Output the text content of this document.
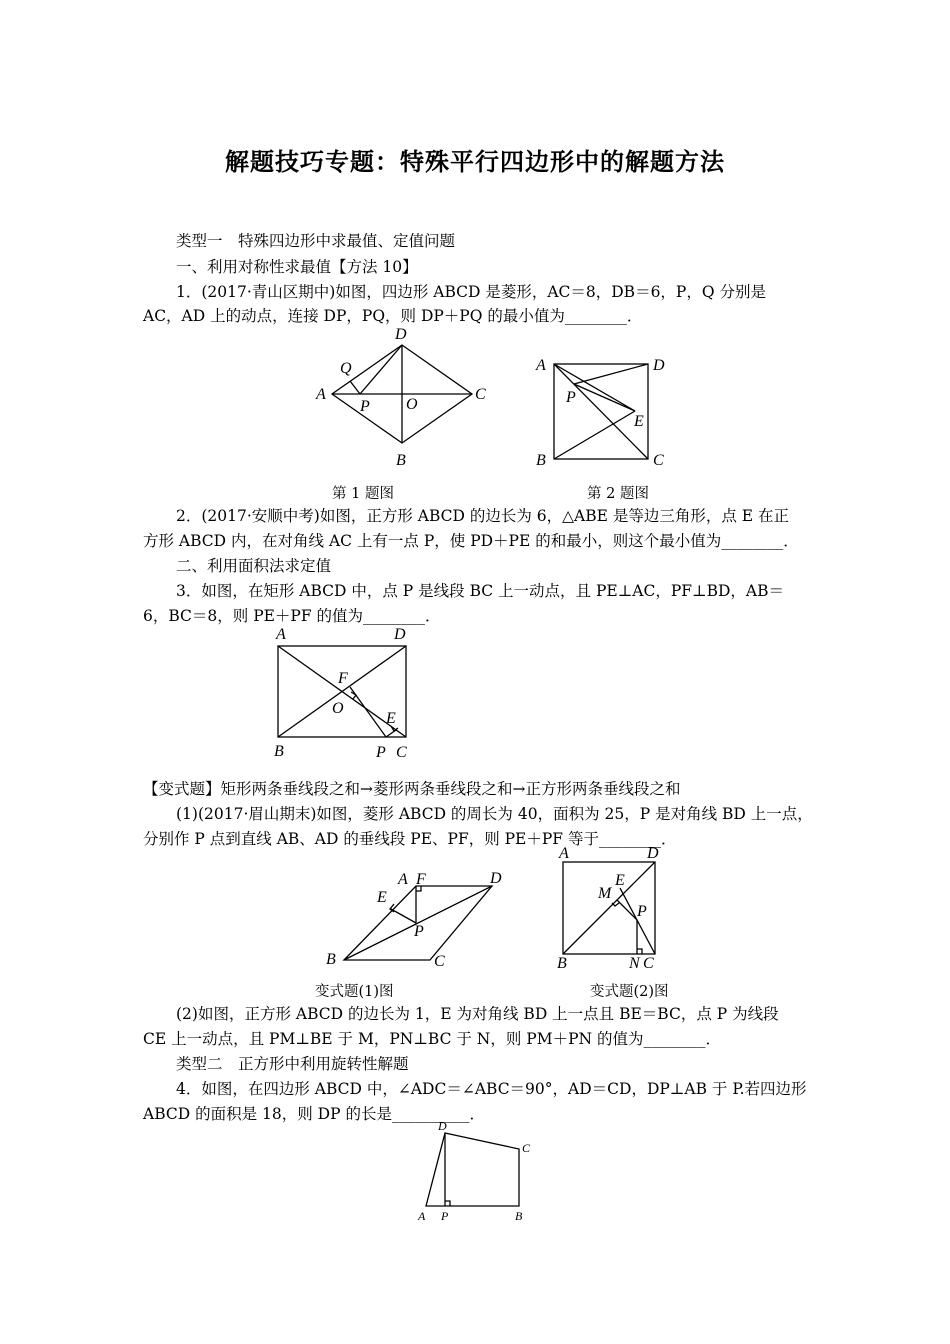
解题技巧专题：特殊平行四边形中的解题方法
类型一　特殊四边形中求最值、定值问题
一、利用对称性求最值【方法 10】
1．(2017·青山区期中)如图，四边形 ABCD 是菱形，AC＝8，DB＝6，P，Q 分别是
AC，AD 上的动点，连接 DP，PQ，则 DP＋PQ 的最小值为________．
A
D
C
B
Q
P O
A	D
B	C
P
E
第 1 题图	第 2 题图
2．(2017·安顺中考)如图，正方形 ABCD 的边长为 6，△ABE 是等边三角形，点 E 在正
方形 ABCD 内，在对角线 AC 上有一点 P，使 PD＋PE 的和最小，则这个最小值为________．
二、利用面积法求定值
3．如图，在矩形 ABCD 中，点 P 是线段 BC 上一动点，且 PE⊥AC，PF⊥BD，AB＝
6，BC＝8，则 PE＋PF 的值为________．
A	D
B	P C
F
O
E
【变式题】矩形两条垂线段之和→菱形两条垂线段之和→正方形两条垂线段之和
(1)(2017·眉山期末)如图，菱形 ABCD 的周长为 40，面积为 25，P 是对角线 BD 上一点，
分别作 P 点到直线 AB、AD 的垂线段 PE、PF，则 PE＋PF 等于________．
A F	D
E
P
B	C
A	D
E
M
P
B	N C
变式题(1)图	变式题(2)图
(2)如图，正方形 ABCD 的边长为 1，E 为对角线 BD 上一点且 BE＝BC，点 P 为线段
CE 上一动点，且 PM⊥BE 于 M，PN⊥BC 于 N，则 PM＋PN 的值为________．
类型二　正方形中利用旋转性解题
4．如图，在四边形 ABCD 中，∠ADC＝∠ABC＝90°，AD＝CD，DP⊥AB 于 P.若四边形
ABCD 的面积是 18，则 DP 的长是__________．
D
C
A P	B
